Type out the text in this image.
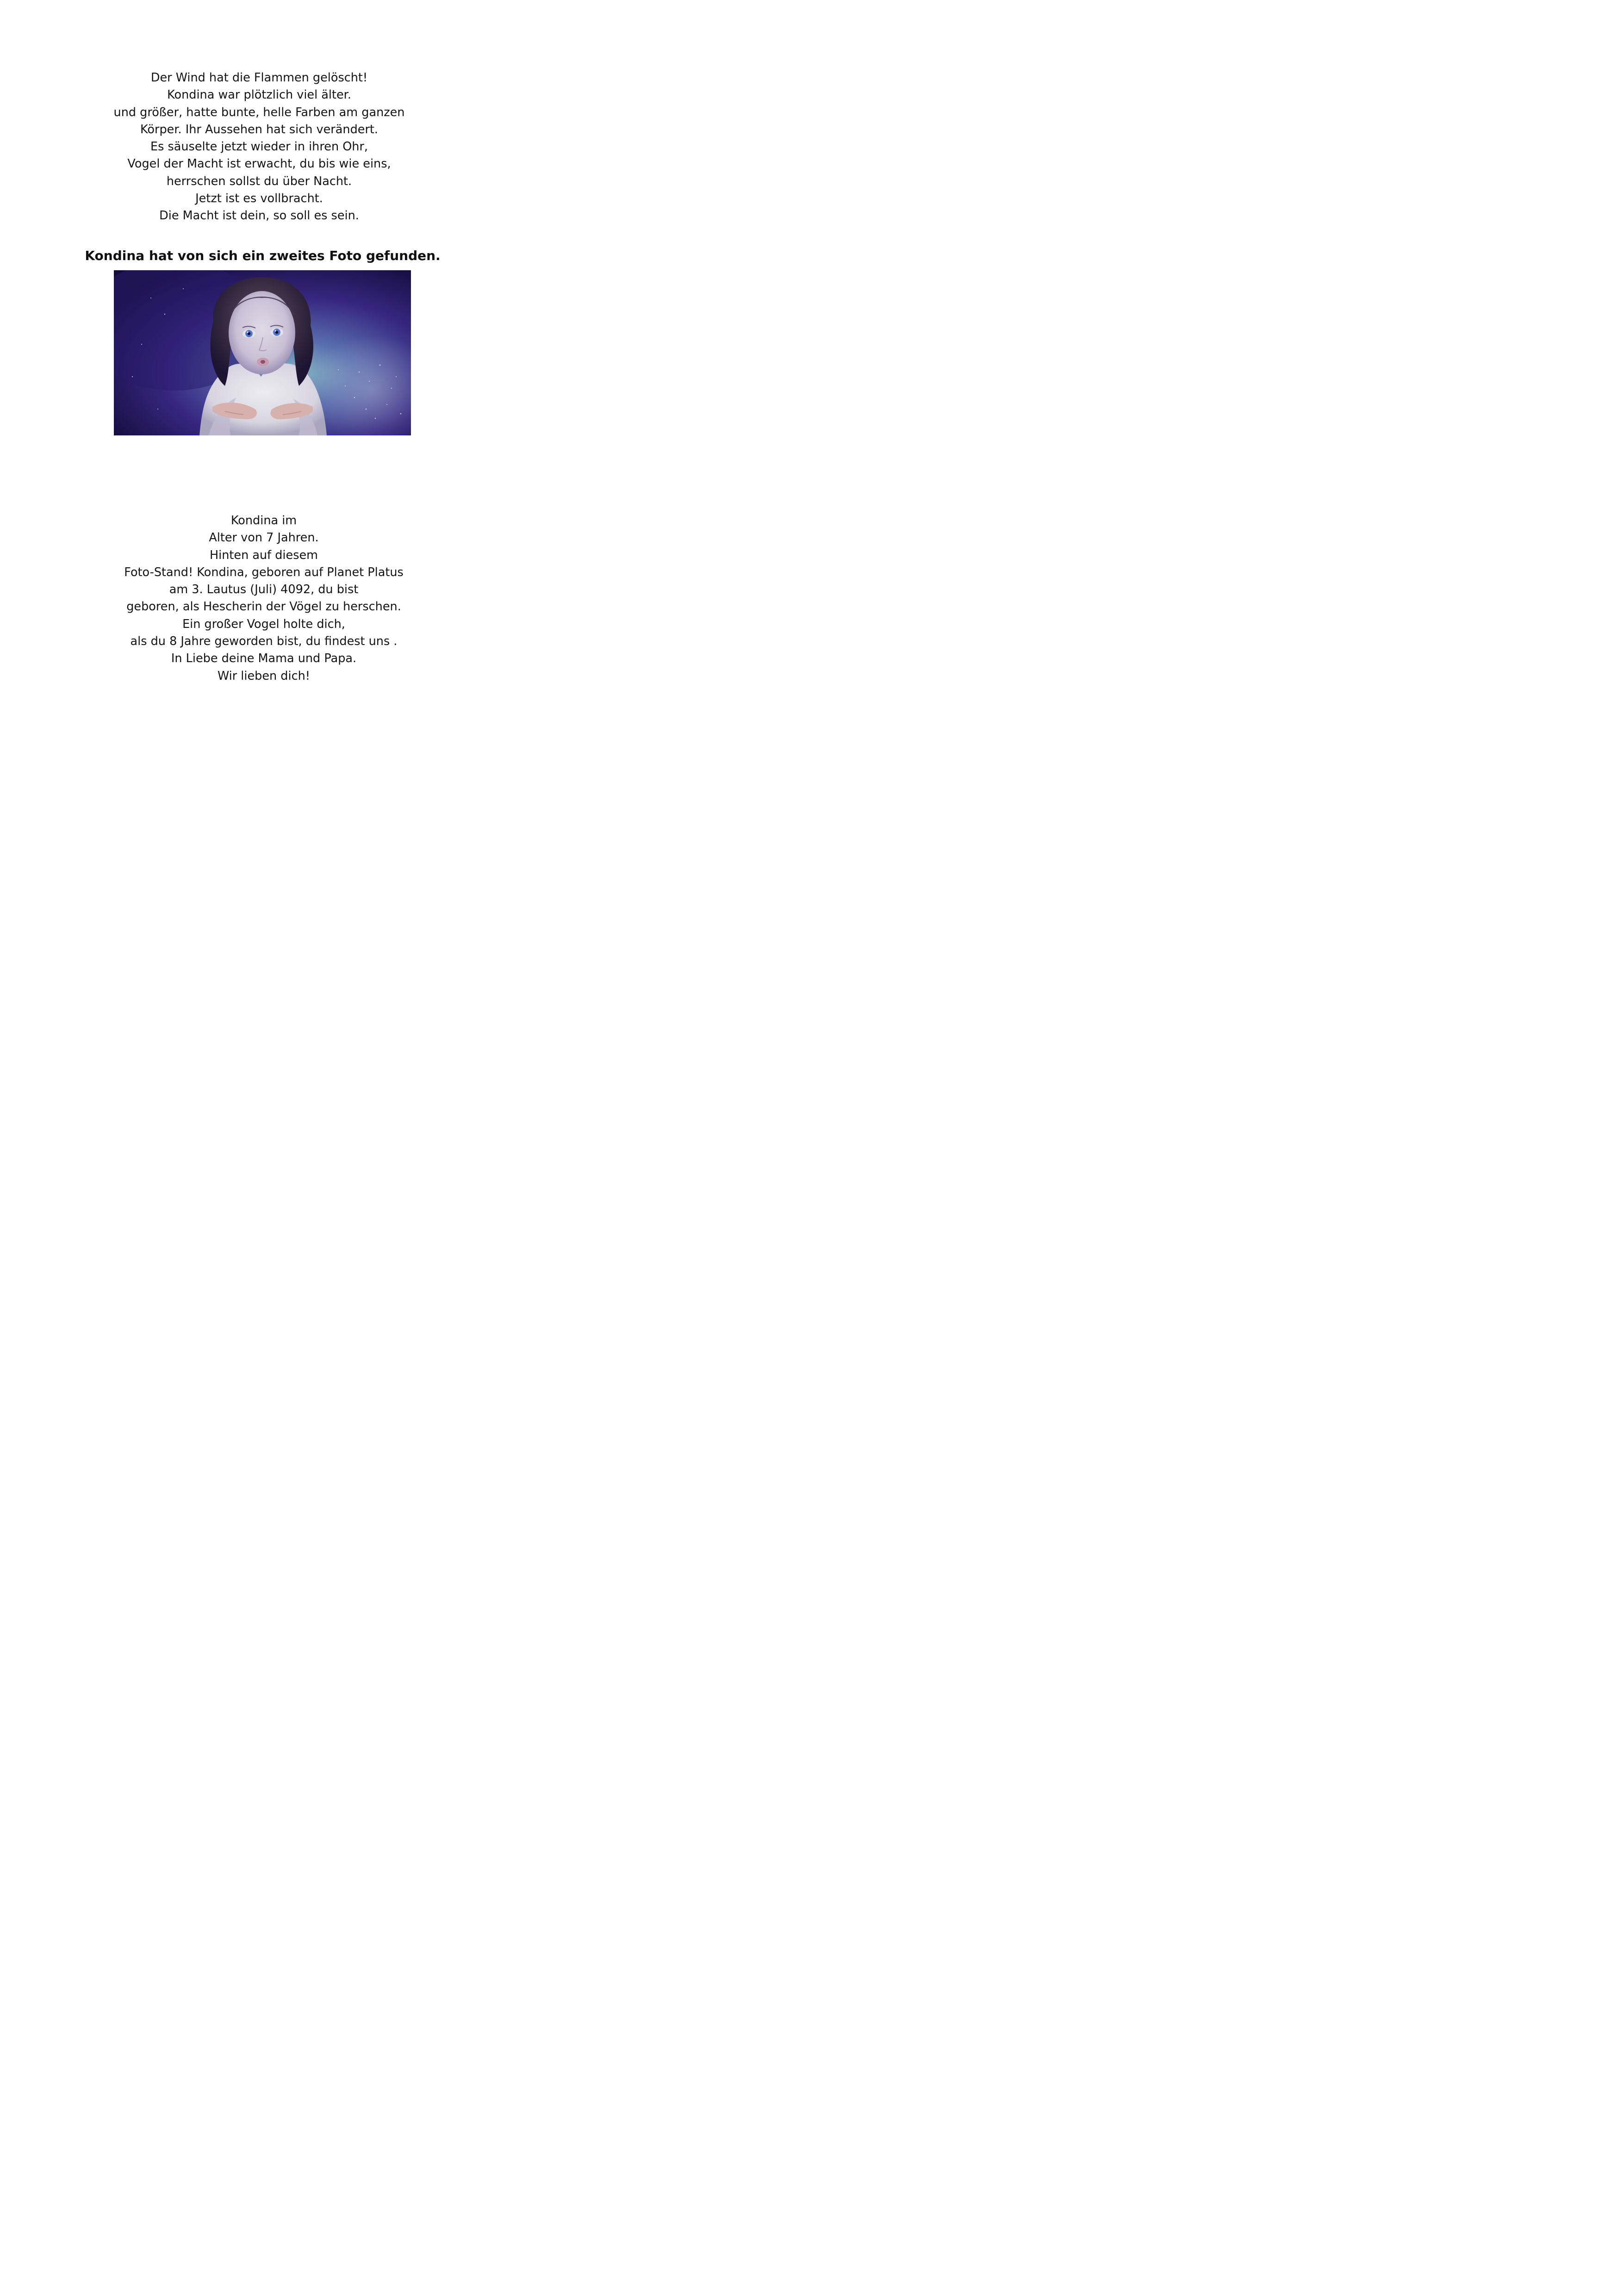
Der Wind hat die Flammen gelöscht!
Kondina war plötzlich viel älter.
und größer, hatte bunte, helle Farben am ganzen
Körper. Ihr Aussehen hat sich verändert.
Es säuselte jetzt wieder in ihren Ohr,
Vogel der Macht ist erwacht, du bis wie eins,
herrschen sollst du über Nacht.
Jetzt ist es vollbracht.
Die Macht ist dein, so soll es sein.
Kondina hat von sich ein zweites Foto gefunden.
Kondina im
Alter von 7 Jahren.
Hinten auf diesem
Foto-Stand! Kondina, geboren auf Planet Platus
am 3. Lautus (Juli) 4092, du bist
geboren, als Hescherin der Vögel zu herschen.
Ein großer Vogel holte dich,
als du 8 Jahre geworden bist, du findest uns .
In Liebe deine Mama und Papa.
Wir lieben dich!
